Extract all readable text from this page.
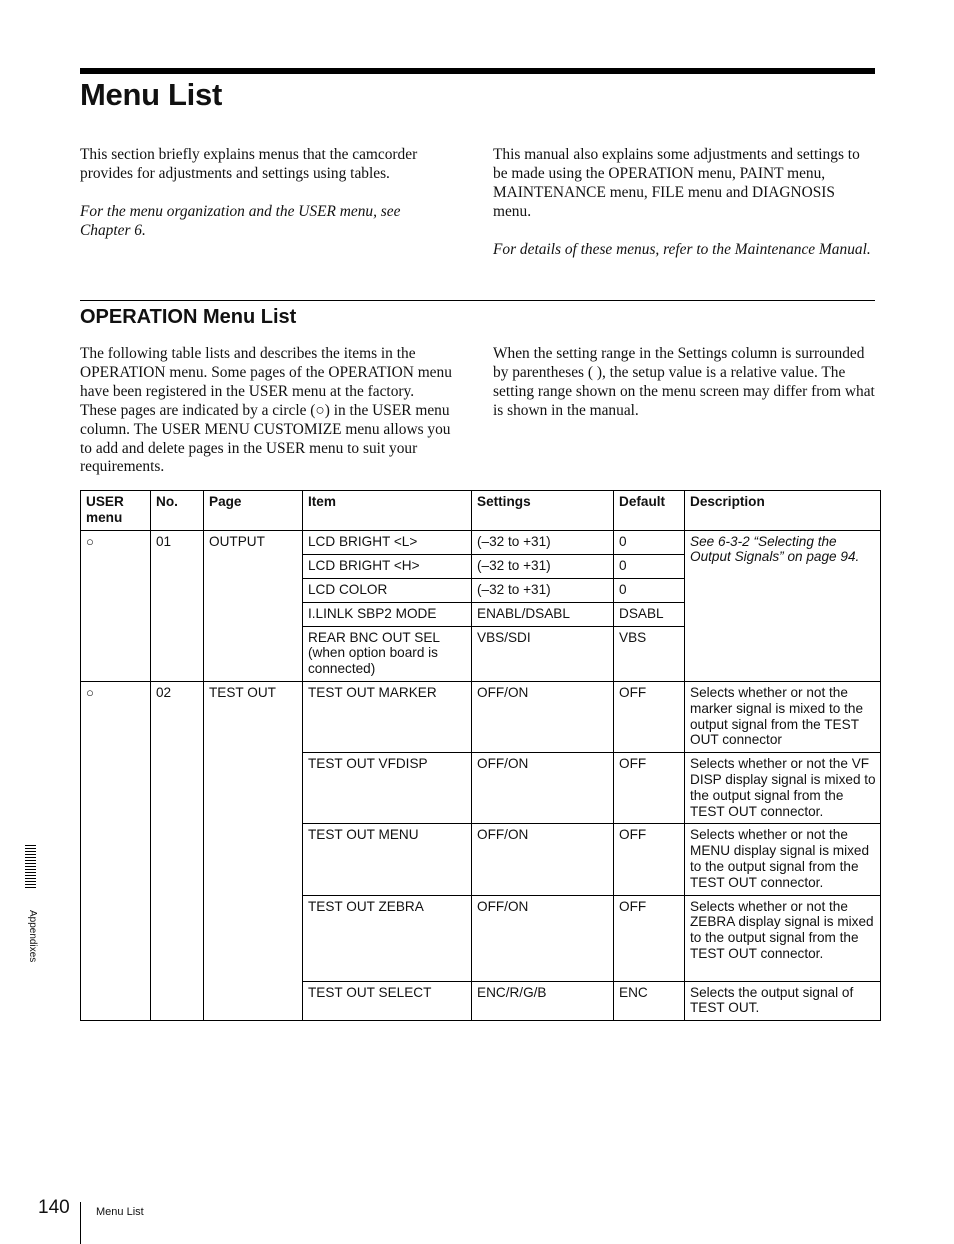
Menu List

This section briefly explains menus that the camcorder provides for adjustments and settings using tables.

For the menu organization and the USER menu, see Chapter 6.

This manual also explains some adjustments and settings to be made using the OPERATION menu, PAINT menu, MAINTENANCE menu, FILE menu and DIAGNOSIS menu.

For details of these menus, refer to the Maintenance Manual.

OPERATION Menu List

The following table lists and describes the items in the OPERATION menu. Some pages of the OPERATION menu have been registered in the USER menu at the factory. These pages are indicated by a circle (○) in the USER menu column. The USER MENU CUSTOMIZE menu allows you to add and delete pages in the USER menu to suit your requirements.

When the setting range in the Settings column is surrounded by parentheses ( ), the setup value is a relative value. The setting range shown on the menu screen may differ from what is shown in the manual.

USER menu	No.	Page	Item	Settings	Default	Description
○	01	OUTPUT	LCD BRIGHT <L>	(–32 to +31)	0	See 6-3-2 “Selecting the Output Signals” on page 94.
			LCD BRIGHT <H>	(–32 to +31)	0	
			LCD COLOR	(–32 to +31)	0	
			I.LINLK SBP2 MODE	ENABL/DSABL	DSABL	
			REAR BNC OUT SEL
(when option board is connected)	VBS/SDI	VBS	
○	02	TEST OUT	TEST OUT MARKER	OFF/ON	OFF	Selects whether or not the marker signal is mixed to the output signal from the TEST OUT connector
			TEST OUT VFDISP	OFF/ON	OFF	Selects whether or not the VF DISP display signal is mixed to the output signal from the TEST OUT connector.
			TEST OUT MENU	OFF/ON	OFF	Selects whether or not the MENU display signal is mixed to the output signal from the TEST OUT connector.
			TEST OUT ZEBRA	OFF/ON	OFF	Selects whether or not the ZEBRA display signal is mixed to the output signal from the TEST OUT connector.
			TEST OUT SELECT	ENC/R/G/B	ENC	Selects the output signal of TEST OUT.
Appendixes
140 Menu List
